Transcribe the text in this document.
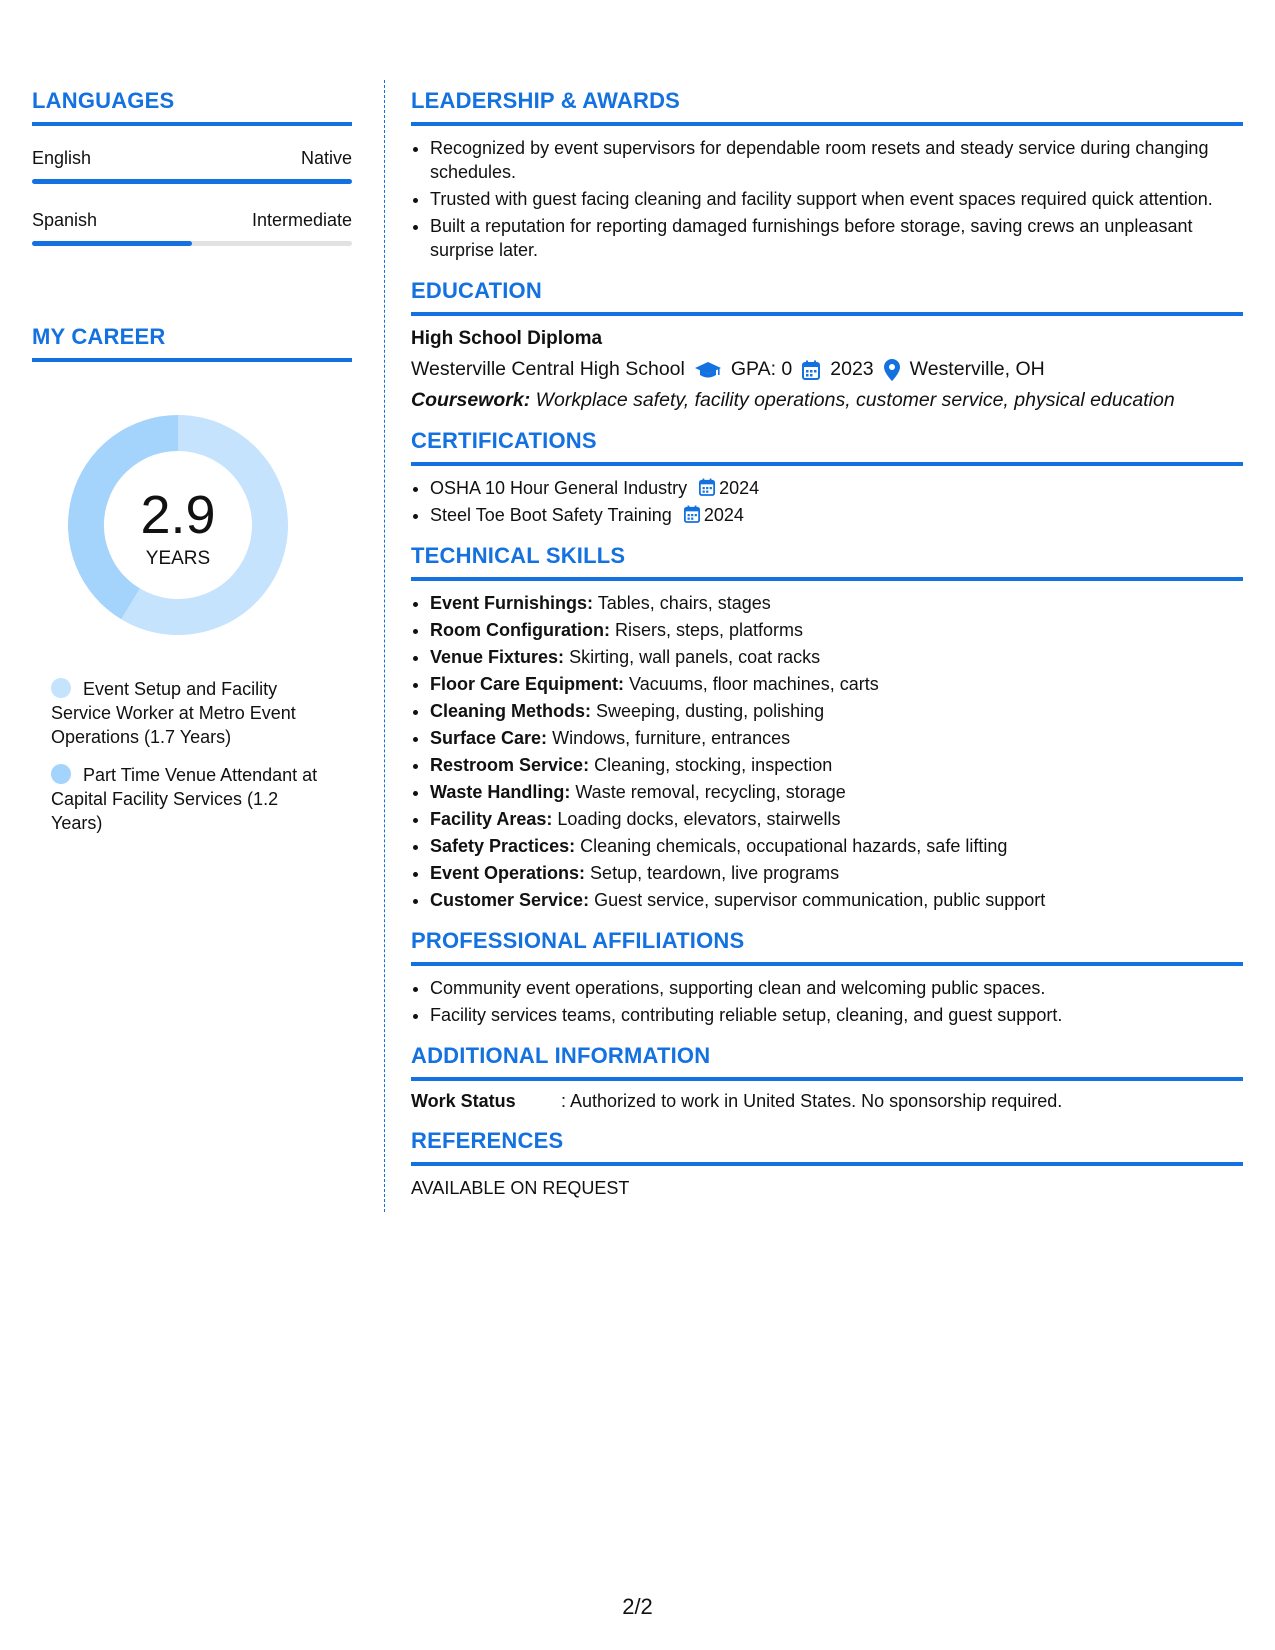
LANGUAGES
English	Native
Spanish	Intermediate
MY CAREER
2.9
YEARS
Event Setup and Facility Service Worker at Metro Event Operations (1.7 Years)
Part Time Venue Attendant at Capital Facility Services (1.2 Years)
LEADERSHIP & AWARDS
• Recognized by event supervisors for dependable room resets and steady service during changing schedules.
• Trusted with guest facing cleaning and facility support when event spaces required quick attention.
• Built a reputation for reporting damaged furnishings before storage, saving crews an unpleasant surprise later.
EDUCATION
High School Diploma
Westerville Central High School GPA: 0 2023 Westerville, OH
Coursework: Workplace safety, facility operations, customer service, physical education
CERTIFICATIONS
• OSHA 10 Hour General Industry 2024
• Steel Toe Boot Safety Training 2024
TECHNICAL SKILLS
• Event Furnishings: Tables, chairs, stages
• Room Configuration: Risers, steps, platforms
• Venue Fixtures: Skirting, wall panels, coat racks
• Floor Care Equipment: Vacuums, floor machines, carts
• Cleaning Methods: Sweeping, dusting, polishing
• Surface Care: Windows, furniture, entrances
• Restroom Service: Cleaning, stocking, inspection
• Waste Handling: Waste removal, recycling, storage
• Facility Areas: Loading docks, elevators, stairwells
• Safety Practices: Cleaning chemicals, occupational hazards, safe lifting
• Event Operations: Setup, teardown, live programs
• Customer Service: Guest service, supervisor communication, public support
PROFESSIONAL AFFILIATIONS
• Community event operations, supporting clean and welcoming public spaces.
• Facility services teams, contributing reliable setup, cleaning, and guest support.
ADDITIONAL INFORMATION
Work Status	: Authorized to work in United States. No sponsorship required.
REFERENCES
AVAILABLE ON REQUEST
2/2
